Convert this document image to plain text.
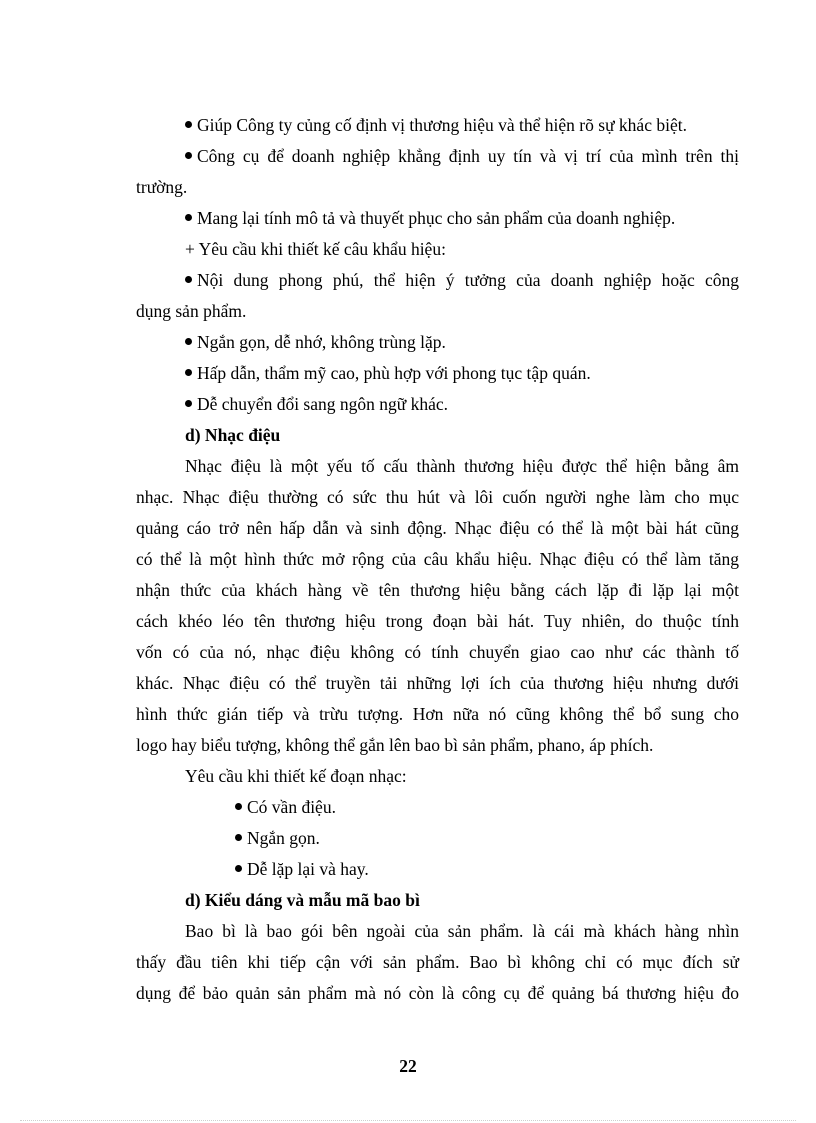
Giúp Công ty củng cố định vị thương hiệu và thể hiện rõ sự khác biệt.
Công cụ để doanh nghiệp khẳng định uy tín và vị trí của mình trên thị
trường.
Mang lại tính mô tả và thuyết phục cho sản phẩm của doanh nghiệp.
+ Yêu cầu khi thiết kế câu khẩu hiệu:
Nội dung phong phú, thể hiện ý tưởng của doanh nghiệp hoặc công
dụng sản phẩm.
Ngắn gọn, dễ nhớ, không trùng lặp.
Hấp dẫn, thẩm mỹ cao, phù hợp với phong tục tập quán.
Dễ chuyển đổi sang ngôn ngữ khác.
d) Nhạc điệu
Nhạc điệu là một yếu tố cấu thành thương hiệu được thể hiện bằng âm
nhạc. Nhạc điệu thường có sức thu hút và lôi cuốn người nghe làm cho mục
quảng cáo trở nên hấp dẫn và sinh động. Nhạc điệu có thể là một bài hát cũng
có thể là một hình thức mở rộng của câu khẩu hiệu. Nhạc điệu có thể làm tăng
nhận thức của khách hàng về tên thương hiệu bằng cách lặp đi lặp lại một
cách khéo léo tên thương hiệu trong đoạn bài hát. Tuy nhiên, do thuộc tính
vốn có của nó, nhạc điệu không có tính chuyển giao cao như các thành tố
khác. Nhạc điệu có thể truyền tải những lợi ích của thương hiệu nhưng dưới
hình thức gián tiếp và trừu tượng. Hơn nữa nó cũng không thể bổ sung cho
logo hay biểu tượng, không thể gắn lên bao bì sản phẩm, phano, áp phích.
Yêu cầu khi thiết kế đoạn nhạc:
Có vần điệu.
Ngắn gọn.
Dễ lặp lại và hay.
d) Kiểu dáng và mẫu mã bao bì
Bao bì là bao gói bên ngoài của sản phẩm. là cái mà khách hàng nhìn
thấy đầu tiên khi tiếp cận với sản phẩm. Bao bì không chỉ có mục đích sử
dụng để bảo quản sản phẩm mà nó còn là công cụ để quảng bá thương hiệu đo
22
